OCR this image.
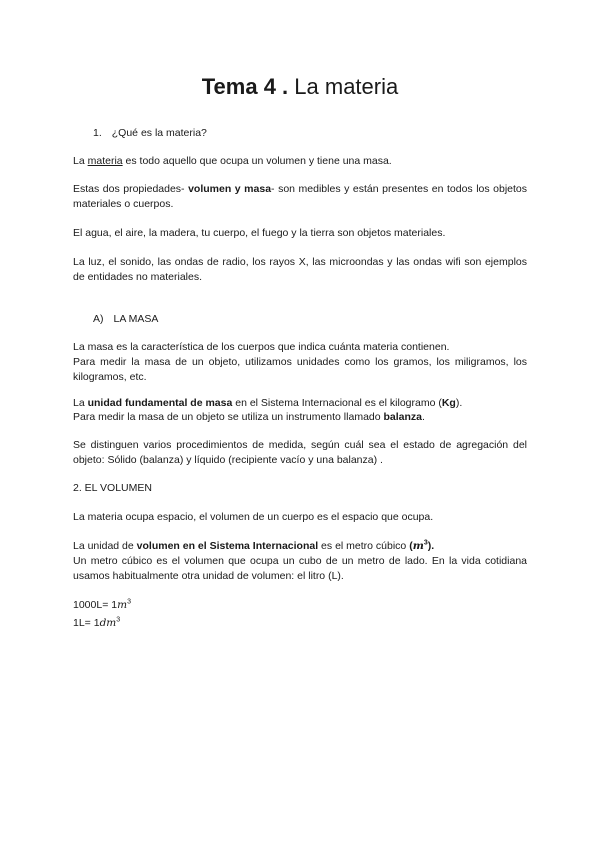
Tema 4 . La materia
1. ¿Qué es la materia?
La materia es todo aquello que ocupa un volumen y tiene una masa.
Estas dos propiedades- volumen y masa- son medibles y están presentes en todos los objetos materiales o cuerpos.
El agua, el aire, la madera, tu cuerpo, el fuego y la tierra son objetos materiales.
La luz, el sonido, las ondas de radio, los rayos X, las microondas y las ondas wifi son ejemplos de entidades no materiales.
A) LA MASA
La masa es la característica de los cuerpos que indica cuánta materia contienen.
Para medir la masa de un objeto, utilizamos unidades como los gramos, los miligramos, los kilogramos, etc.
La unidad fundamental de masa en el Sistema Internacional es el kilogramo (Kg).
Para medir la masa de un objeto se utiliza un instrumento llamado balanza.
Se distinguen varios procedimientos de medida, según cuál sea el estado de agregación del objeto: Sólido (balanza) y líquido (recipiente vacío y una balanza) .
2. EL VOLUMEN
La materia ocupa espacio, el volumen de un cuerpo es el espacio que ocupa.
La unidad de volumen en el Sistema Internacional es el metro cúbico $(m^3)$.
Un metro cúbico es el volumen que ocupa un cubo de un metro de lado. En la vida cotidiana usamos habitualmente otra unidad de volumen: el litro (L).
$1000L= 1m^3$
$1L= 1dm^3$
